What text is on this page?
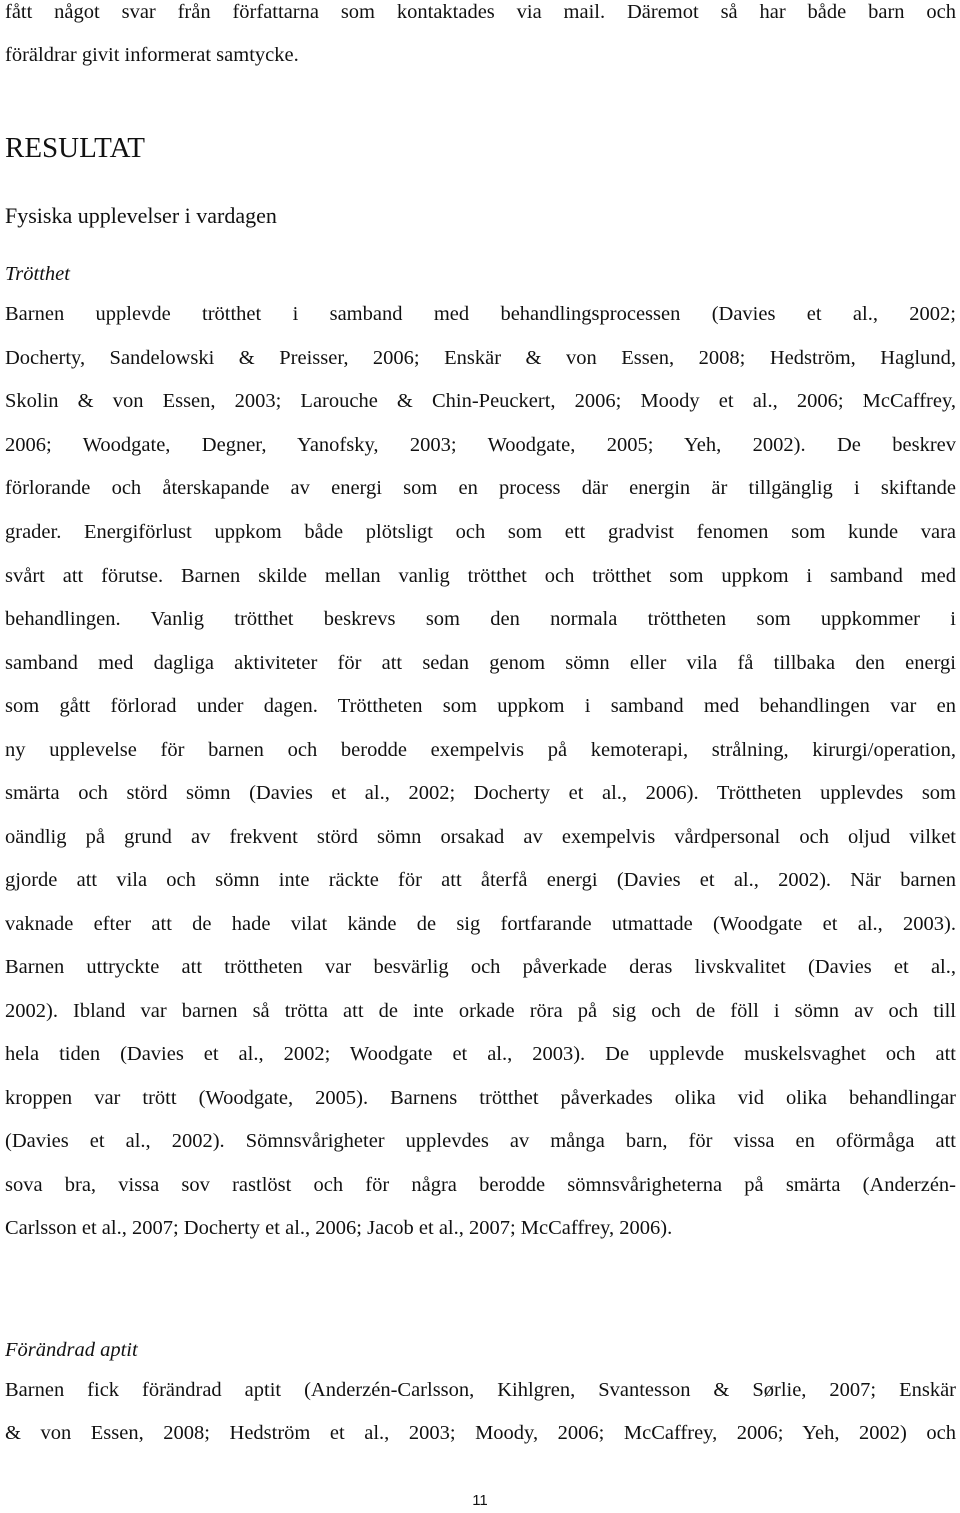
fått något svar från författarna som kontaktades via mail. Däremot så har både barn och
föräldrar givit informerat samtycke.
RESULTAT
Fysiska upplevelser i vardagen
Trötthet
Barnen upplevde trötthet i samband med behandlingsprocessen (Davies et al., 2002;
Docherty, Sandelowski & Preisser, 2006; Enskär & von Essen, 2008; Hedström, Haglund,
Skolin & von Essen, 2003; Larouche & Chin-Peuckert, 2006; Moody et al., 2006; McCaffrey,
2006; Woodgate, Degner, Yanofsky, 2003; Woodgate, 2005; Yeh, 2002). De beskrev
förlorande och återskapande av energi som en process där energin är tillgänglig i skiftande
grader. Energiförlust uppkom både plötsligt och som ett gradvist fenomen som kunde vara
svårt att förutse. Barnen skilde mellan vanlig trötthet och trötthet som uppkom i samband med
behandlingen. Vanlig trötthet beskrevs som den normala tröttheten som uppkommer i
samband med dagliga aktiviteter för att sedan genom sömn eller vila få tillbaka den energi
som gått förlorad under dagen. Tröttheten som uppkom i samband med behandlingen var en
ny upplevelse för barnen och berodde exempelvis på kemoterapi, strålning, kirurgi/operation,
smärta och störd sömn (Davies et al., 2002; Docherty et al., 2006). Tröttheten upplevdes som
oändlig på grund av frekvent störd sömn orsakad av exempelvis vårdpersonal och oljud vilket
gjorde att vila och sömn inte räckte för att återfå energi (Davies et al., 2002). När barnen
vaknade efter att de hade vilat kände de sig fortfarande utmattade (Woodgate et al., 2003).
Barnen uttryckte att tröttheten var besvärlig och påverkade deras livskvalitet (Davies et al.,
2002). Ibland var barnen så trötta att de inte orkade röra på sig och de föll i sömn av och till
hela tiden (Davies et al., 2002; Woodgate et al., 2003). De upplevde muskelsvaghet och att
kroppen var trött (Woodgate, 2005). Barnens trötthet påverkades olika vid olika behandlingar
(Davies et al., 2002). Sömnsvårigheter upplevdes av många barn, för vissa en oförmåga att
sova bra, vissa sov rastlöst och för några berodde sömnsvårigheterna på smärta (Anderzén-
Carlsson et al., 2007; Docherty et al., 2006; Jacob et al., 2007; McCaffrey, 2006).
Förändrad aptit
Barnen fick förändrad aptit (Anderzén-Carlsson, Kihlgren, Svantesson & Sørlie, 2007; Enskär
& von Essen, 2008; Hedström et al., 2003; Moody, 2006; McCaffrey, 2006; Yeh, 2002) och
11
